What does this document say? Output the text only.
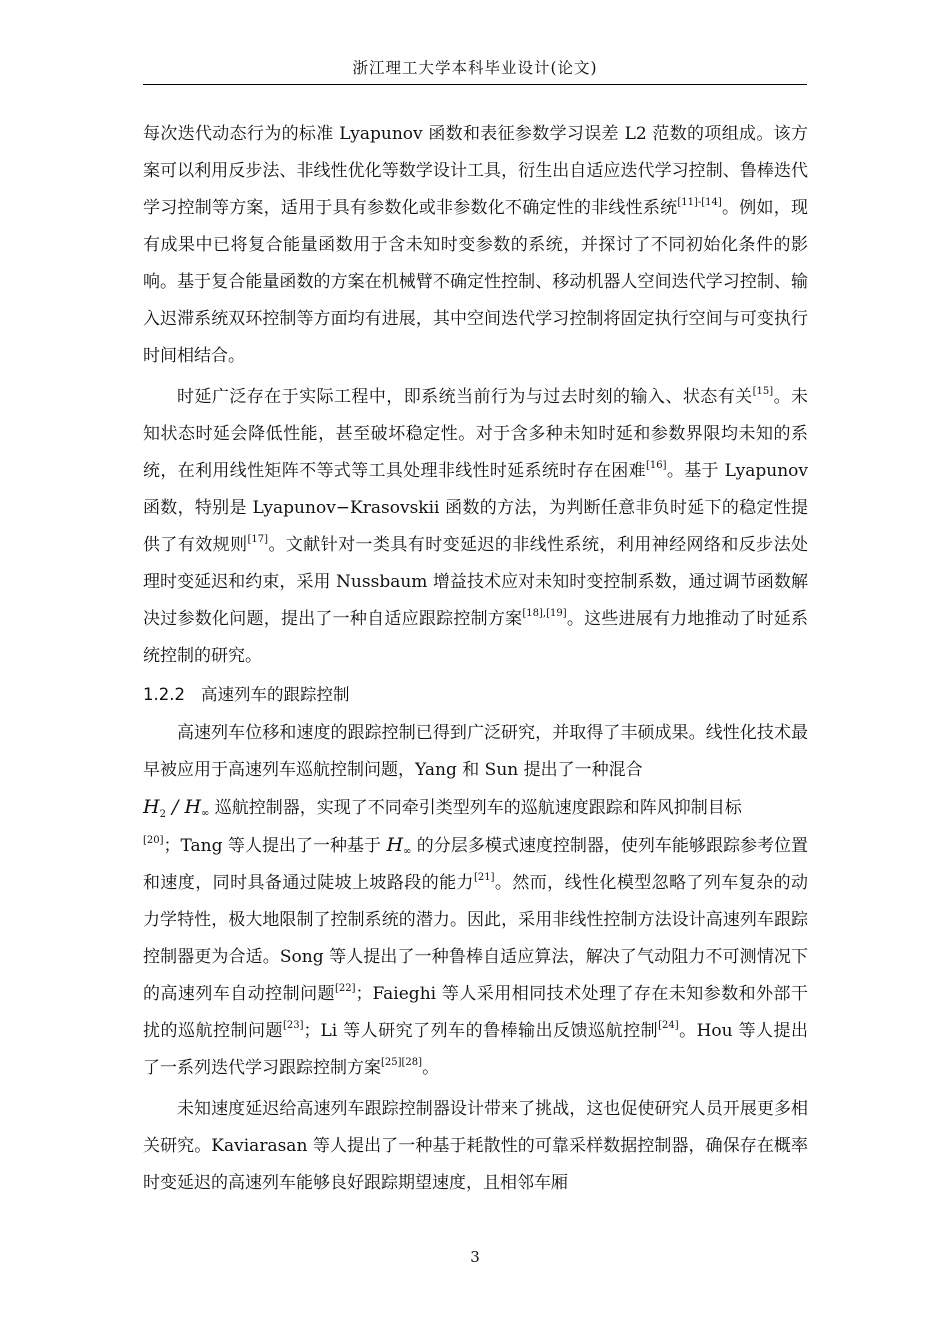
浙江理工大学本科毕业设计(论文)

每次迭代动态行为的标准 Lyapunov 函数和表征参数学习误差 L2 范数的项组成。该方案可以利用反步法、非线性优化等数学设计工具，衍生出自适应迭代学习控制、鲁棒迭代学习控制等方案，适用于具有参数化或非参数化不确定性的非线性系统[11]-[14]。例如，现有成果中已将复合能量函数用于含未知时变参数的系统，并探讨了不同初始化条件的影响。基于复合能量函数的方案在机械臂不确定性控制、移动机器人空间迭代学习控制、输入迟滞系统双环控制等方面均有进展，其中空间迭代学习控制将固定执行空间与可变执行时间相结合。

时延广泛存在于实际工程中，即系统当前行为与过去时刻的输入、状态有关[15]。未知状态时延会降低性能，甚至破坏稳定性。对于含多种未知时延和参数界限均未知的系统，在利用线性矩阵不等式等工具处理非线性时延系统时存在困难[16]。基于 Lyapunov 函数，特别是 Lyapunov−Krasovskii 函数的方法，为判断任意非负时延下的稳定性提供了有效规则[17]。文献针对一类具有时变延迟的非线性系统，利用神经网络和反步法处理时变延迟和约束，采用 Nussbaum 增益技术应对未知时变控制系数，通过调节函数解决过参数化问题，提出了一种自适应跟踪控制方案[18],[19]。这些进展有力地推动了时延系统控制的研究。

1.2.2 高速列车的跟踪控制

高速列车位移和速度的跟踪控制已得到广泛研究，并取得了丰硕成果。线性化技术最早被应用于高速列车巡航控制问题，Yang 和 Sun 提出了一种混合
$H_2 / H\infty$ 巡航控制器，实现了不同牵引类型列车的巡航速度跟踪和阵风抑制目标
[20]；Tang 等人提出了一种基于 H∞ 的分层多模式速度控制器，使列车能够跟踪参考位置和速度，同时具备通过陡坡上坡路段的能力[21]。然而，线性化模型忽略了列车复杂的动力学特性，极大地限制了控制系统的潜力。因此，采用非线性控制方法设计高速列车跟踪控制器更为合适。Song 等人提出了一种鲁棒自适应算法，解决了气动阻力不可测情况下的高速列车自动控制问题[22]；Faieghi 等人采用相同技术处理了存在未知参数和外部干扰的巡航控制问题[23]；Li 等人研究了列车的鲁棒输出反馈巡航控制[24]。Hou 等人提出了一系列迭代学习跟踪控制方案[25][28]。

未知速度延迟给高速列车跟踪控制器设计带来了挑战，这也促使研究人员开展更多相关研究。Kaviarasan 等人提出了一种基于耗散性的可靠采样数据控制器，确保存在概率时变延迟的高速列车能够良好跟踪期望速度，且相邻车厢

3
